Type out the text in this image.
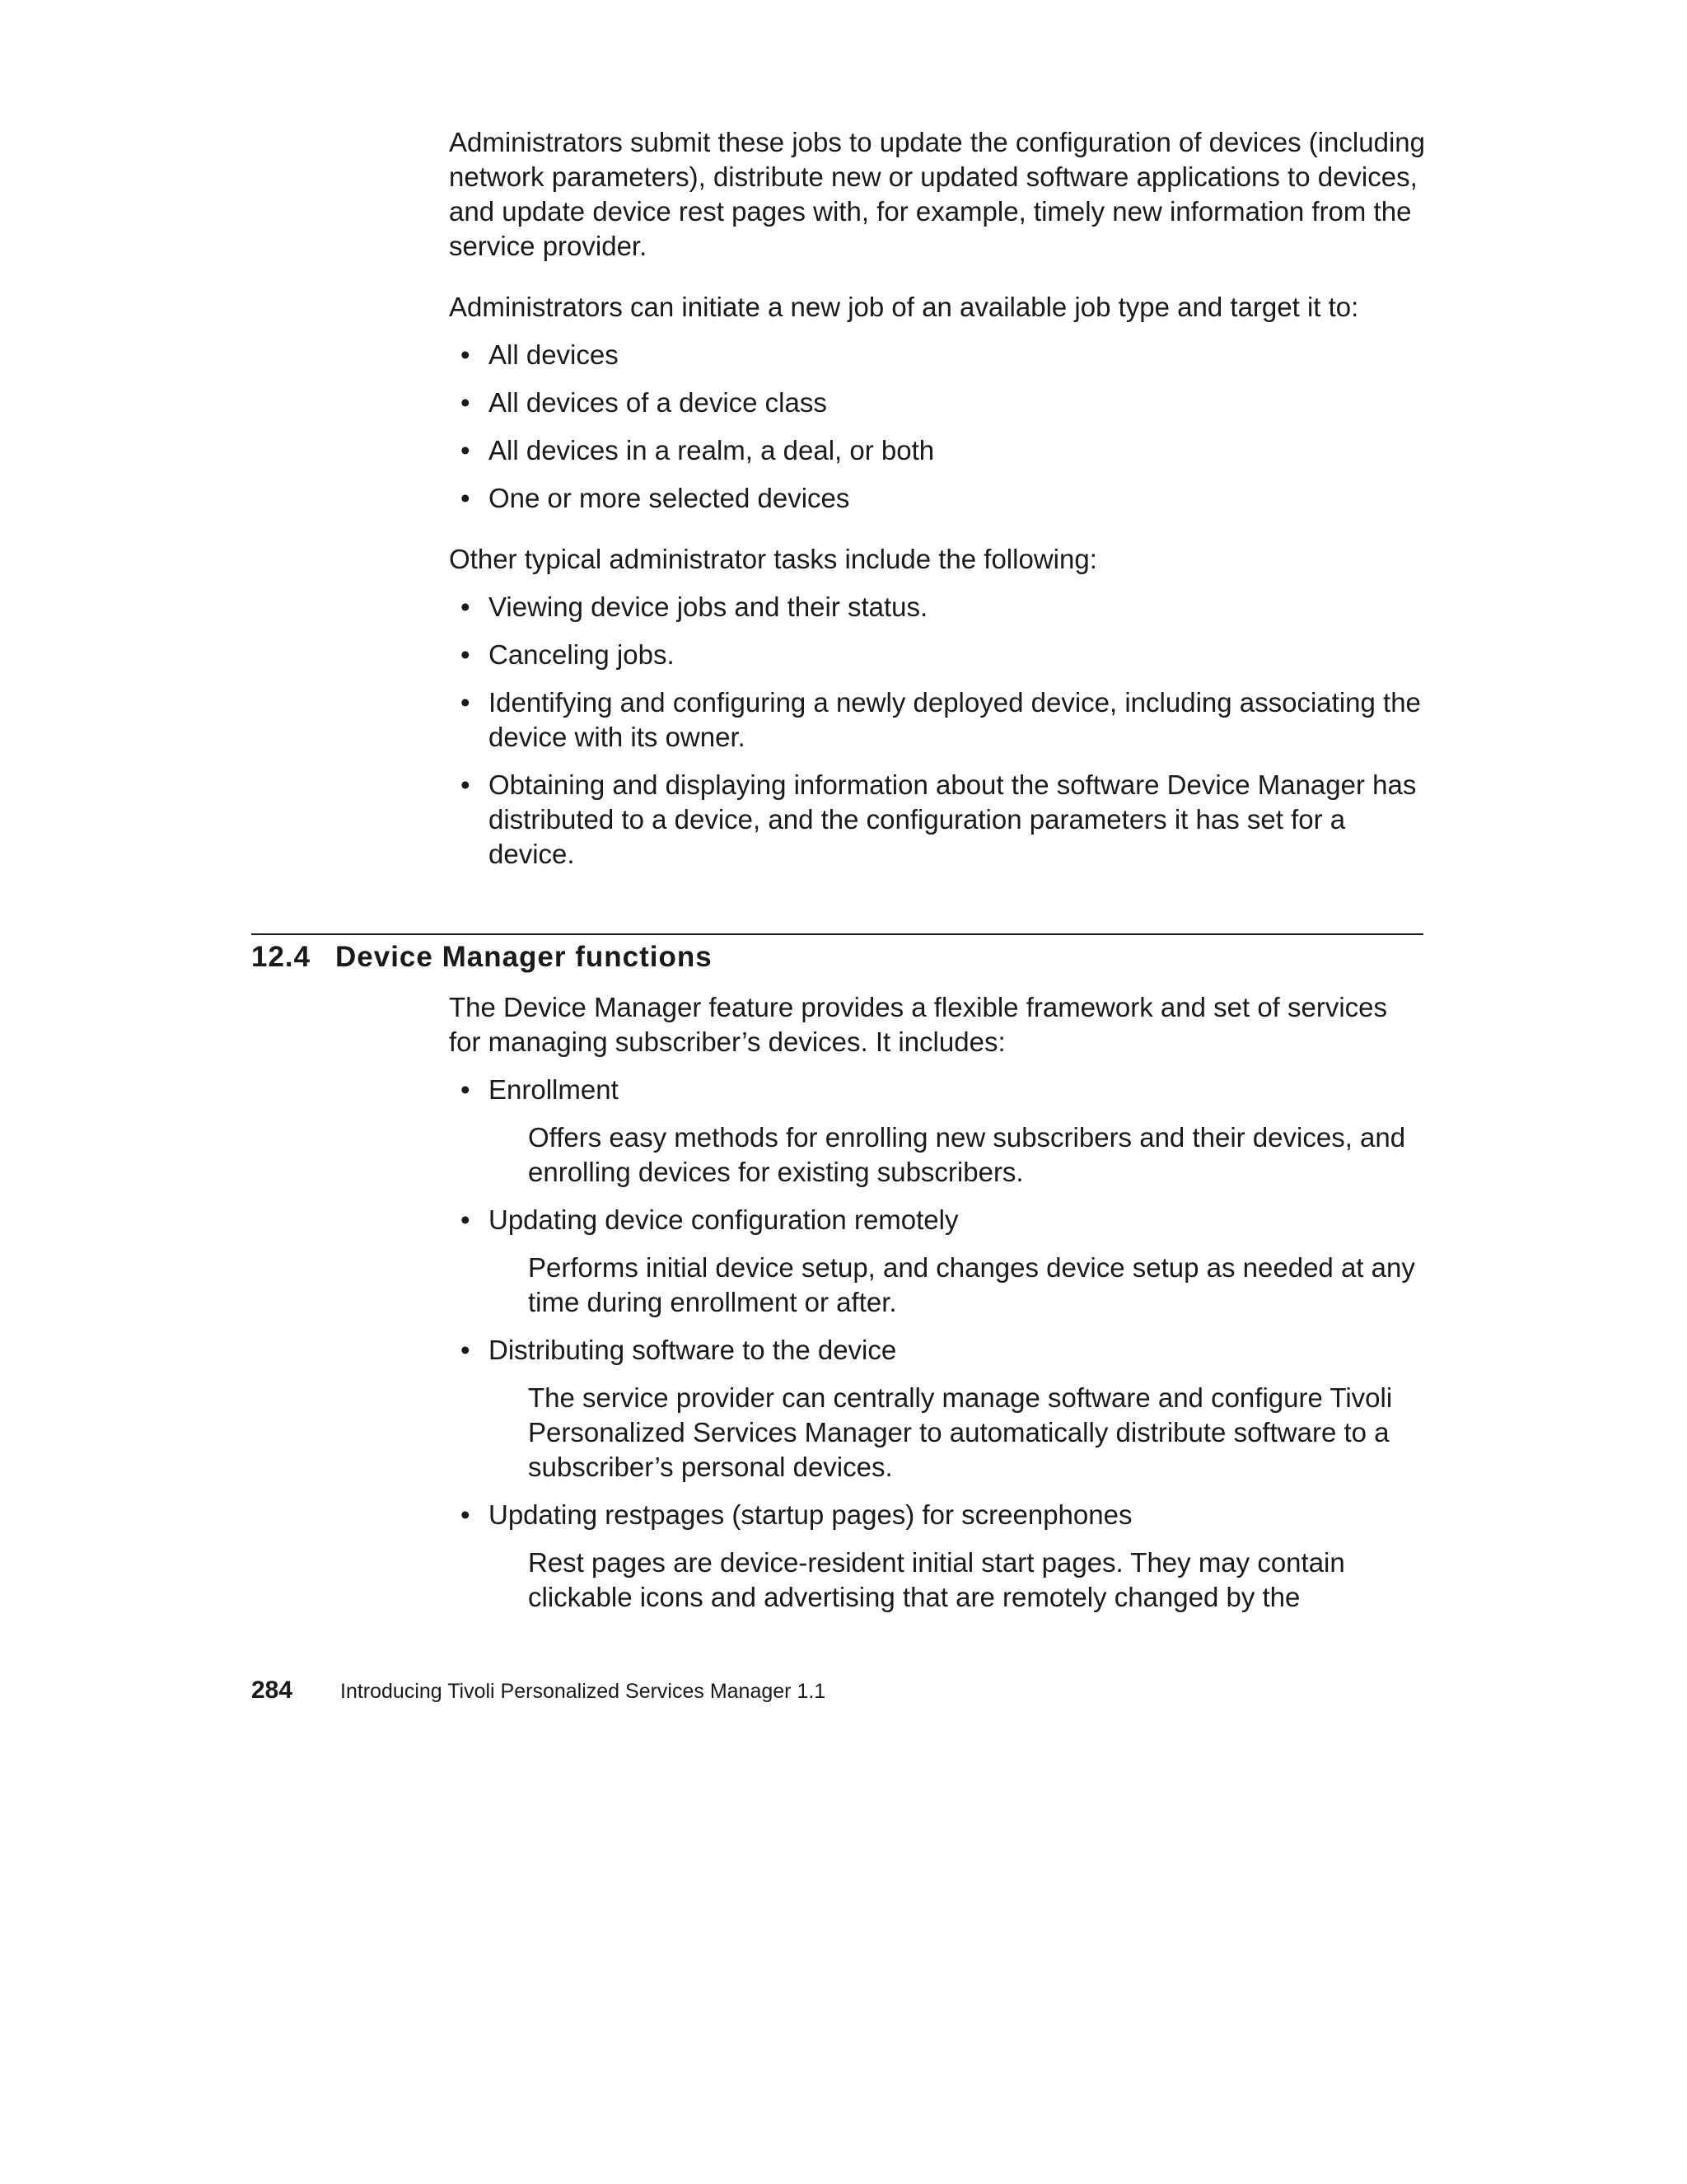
Administrators submit these jobs to update the configuration of devices (including network parameters), distribute new or updated software applications to devices, and update device rest pages with, for example, timely new information from the service provider.

Administrators can initiate a new job of an available job type and target it to:

• All devices
• All devices of a device class
• All devices in a realm, a deal, or both
• One or more selected devices

Other typical administrator tasks include the following:

• Viewing device jobs and their status.
• Canceling jobs.
• Identifying and configuring a newly deployed device, including associating the device with its owner.
• Obtaining and displaying information about the software Device Manager has distributed to a device, and the configuration parameters it has set for a device.
12.4 Device Manager functions

The Device Manager feature provides a flexible framework and set of services for managing subscriber’s devices. It includes:

• Enrollment

Offers easy methods for enrolling new subscribers and their devices, and enrolling devices for existing subscribers.

• Updating device configuration remotely

Performs initial device setup, and changes device setup as needed at any time during enrollment or after.

• Distributing software to the device

The service provider can centrally manage software and configure Tivoli Personalized Services Manager to automatically distribute software to a subscriber’s personal devices.

• Updating restpages (startup pages) for screenphones

Rest pages are device-resident initial start pages. They may contain clickable icons and advertising that are remotely changed by the

284 Introducing Tivoli Personalized Services Manager 1.1
